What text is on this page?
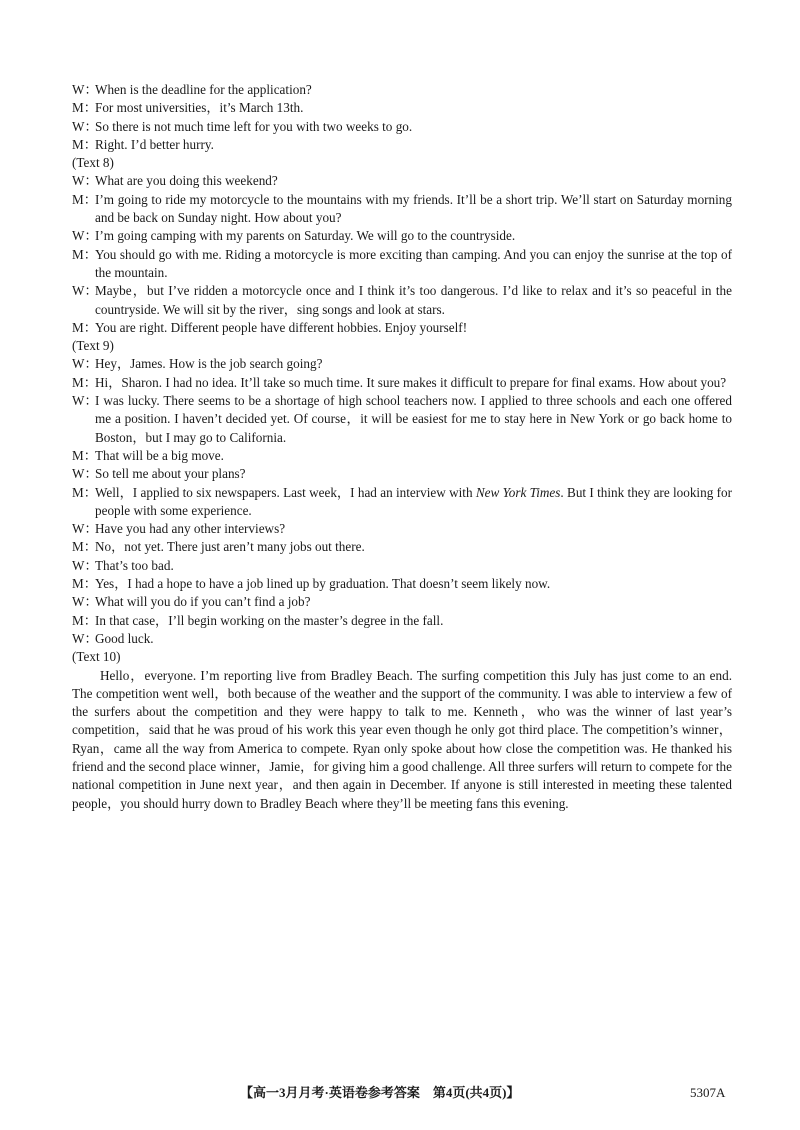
W：
When is the deadline for the application?
M：
For most universities，it’s March 13th.
W：
So there is not much time left for you with two weeks to go.
M：
Right. I’d better hurry.
(Text 8)
W：
What are you doing this weekend?
M：
I’m going to ride my motorcycle to the mountains with my friends. It’ll be a short trip. We’ll start on Saturday morning and be back on Sunday night. How about you?
W：
I’m going camping with my parents on Saturday. We will go to the countryside.
M：
You should go with me. Riding a motorcycle is more exciting than camping. And you can enjoy the sunrise at the top of the mountain.
W：
Maybe，but I’ve ridden a motorcycle once and I think it’s too dangerous. I’d like to relax and it’s so peaceful in the countryside. We will sit by the river，sing songs and look at stars.
M：
You are right. Different people have different hobbies. Enjoy yourself!
(Text 9)
W：
Hey，James. How is the job search going?
M：
Hi，Sharon. I had no idea. It’ll take so much time. It sure makes it difficult to prepare for final exams. How about you?
W：
I was lucky. There seems to be a shortage of high school teachers now. I applied to three schools and each one offered me a position. I haven’t decided yet. Of course，it will be easiest for me to stay here in New York or go back home to Boston，but I may go to California.
M：
That will be a big move.
W：
So tell me about your plans?
M：
Well，I applied to six newspapers. Last week，I had an interview with New York Times. But I think they are looking for people with some experience.
W：
Have you had any other interviews?
M：
No，not yet. There just aren’t many jobs out there.
W：
That’s too bad.
M：
Yes，I had a hope to have a job lined up by graduation. That doesn’t seem likely now.
W：
What will you do if you can’t find a job?
M：
In that case，I’ll begin working on the master’s degree in the fall.
W：
Good luck.
(Text 10)
Hello，everyone. I’m reporting live from Bradley Beach. The surfing competition this July has just come to an end. The competition went well，both because of the weather and the support of the community. I was able to interview a few of the surfers about the competition and they were happy to talk to me. Kenneth，who was the winner of last year’s competition，said that he was proud of his work this year even though he only got third place. The competition’s winner，Ryan，came all the way from America to compete. Ryan only spoke about how close the competition was. He thanked his friend and the second place winner，Jamie，for giving him a good challenge. All three surfers will return to compete for the national competition in June next year，and then again in December. If anyone is still interested in meeting these talented people，you should hurry down to Bradley Beach where they’ll be meeting fans this evening.
【高一3月月考·英语卷参考答案　第4页(共4页)】	5307A
